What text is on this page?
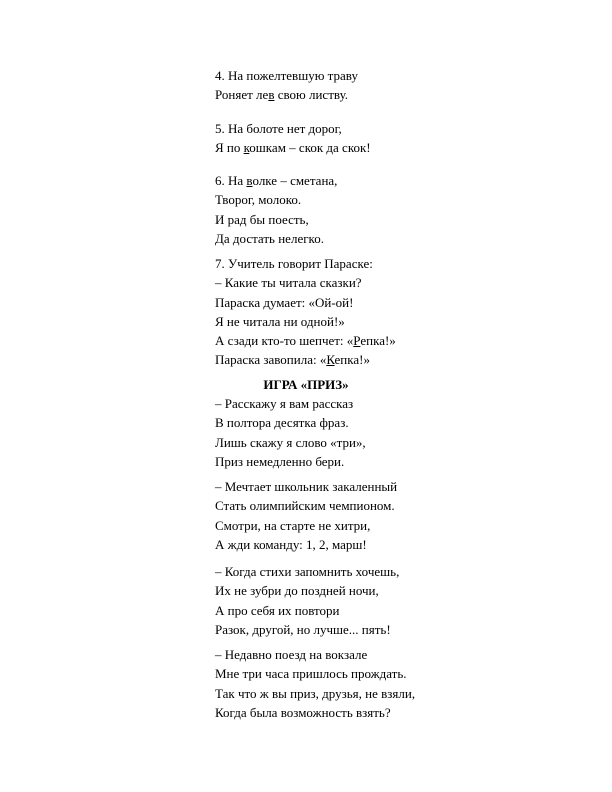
4. На пожелтевшую траву
Роняет лев свою листву.
5. На болоте нет дорог,
Я по кошкам – скок да скок!
6. На волке – сметана,
Творог, молоко.
И рад бы поесть,
Да достать нелегко.
7. Учитель говорит Параске:
– Какие ты читала сказки?
Параска думает: «Ой-ой!
Я не читала ни одной!»
А сзади кто-то шепчет: «Репка!»
Параска завопила: «Кепка!»
ИГРА «ПРИЗ»
– Расскажу я вам рассказ
В полтора десятка фраз.
Лишь скажу я слово «три»,
Приз немедленно бери.
– Мечтает школьник закаленный
Стать олимпийским чемпионом.
Смотри, на старте не хитри,
А жди команду: 1, 2, марш!
– Когда стихи запомнить хочешь,
Их не зубри до поздней ночи,
А про себя их повтори
Разок, другой, но лучше... пять!
– Недавно поезд на вокзале
Мне три часа пришлось прождать.
Так что ж вы приз, друзья, не взяли,
Когда была возможность взять?
